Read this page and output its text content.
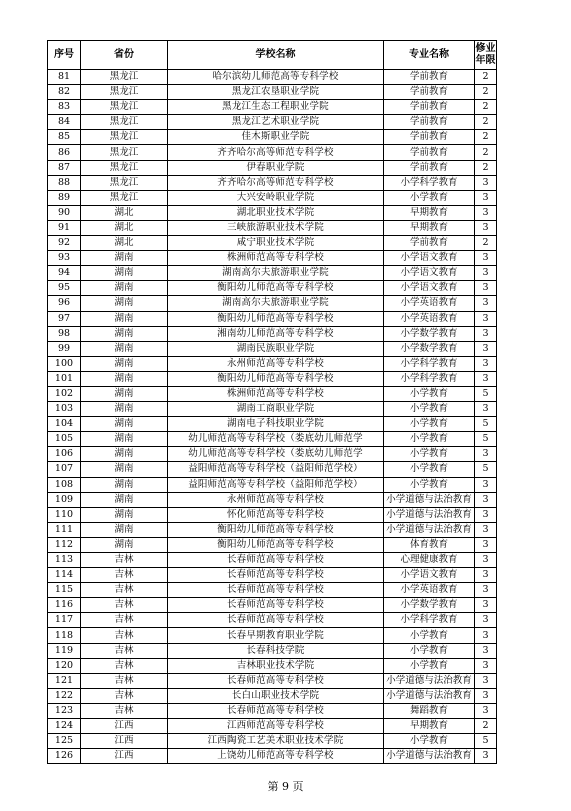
序号	省份	学校名称	专业名称	修业年限
81	黑龙江	哈尔滨幼儿师范高等专科学校	学前教育	2
82	黑龙江	黑龙江农垦职业学院	学前教育	2
83	黑龙江	黑龙江生态工程职业学院	学前教育	2
84	黑龙江	黑龙江艺术职业学院	学前教育	2
85	黑龙江	佳木斯职业学院	学前教育	2
86	黑龙江	齐齐哈尔高等师范专科学校	学前教育	2
87	黑龙江	伊春职业学院	学前教育	2
88	黑龙江	齐齐哈尔高等师范专科学校	小学科学教育	3
89	黑龙江	大兴安岭职业学院	小学教育	3
90	湖北	湖北职业技术学院	早期教育	3
91	湖北	三峡旅游职业技术学院	早期教育	3
92	湖北	咸宁职业技术学院	学前教育	2
93	湖南	株洲师范高等专科学校	小学语文教育	3
94	湖南	湖南高尔夫旅游职业学院	小学语文教育	3
95	湖南	衡阳幼儿师范高等专科学校	小学语文教育	3
96	湖南	湖南高尔夫旅游职业学院	小学英语教育	3
97	湖南	衡阳幼儿师范高等专科学校	小学英语教育	3
98	湖南	湘南幼儿师范高等专科学校	小学数学教育	3
99	湖南	湖南民族职业学院	小学数学教育	3
100	湖南	永州师范高等专科学校	小学科学教育	3
101	湖南	衡阳幼儿师范高等专科学校	小学科学教育	3
102	湖南	株洲师范高等专科学校	小学教育	5
103	湖南	湖南工商职业学院	小学教育	3
104	湖南	湖南电子科技职业学院	小学教育	5
105	湖南	幼儿师范高等专科学校（娄底幼儿师范学	小学教育	5
106	湖南	幼儿师范高等专科学校（娄底幼儿师范学	小学教育	3
107	湖南	益阳师范高等专科学校（益阳师范学校）	小学教育	5
108	湖南	益阳师范高等专科学校（益阳师范学校）	小学教育	3
109	湖南	永州师范高等专科学校	小学道德与法治教育	3
110	湖南	怀化师范高等专科学校	小学道德与法治教育	3
111	湖南	衡阳幼儿师范高等专科学校	小学道德与法治教育	3
112	湖南	衡阳幼儿师范高等专科学校	体育教育	3
113	吉林	长春师范高等专科学校	心理健康教育	3
114	吉林	长春师范高等专科学校	小学语文教育	3
115	吉林	长春师范高等专科学校	小学英语教育	3
116	吉林	长春师范高等专科学校	小学数学教育	3
117	吉林	长春师范高等专科学校	小学科学教育	3
118	吉林	长春早期教育职业学院	小学教育	3
119	吉林	长春科技学院	小学教育	3
120	吉林	吉林职业技术学院	小学教育	3
121	吉林	长春师范高等专科学校	小学道德与法治教育	3
122	吉林	长白山职业技术学院	小学道德与法治教育	3
123	吉林	长春师范高等专科学校	舞蹈教育	3
124	江西	江西师范高等专科学校	早期教育	2
125	江西	江西陶瓷工艺美术职业技术学院	小学教育	5
126	江西	上饶幼儿师范高等专科学校	小学道德与法治教育	3
第 9 页
